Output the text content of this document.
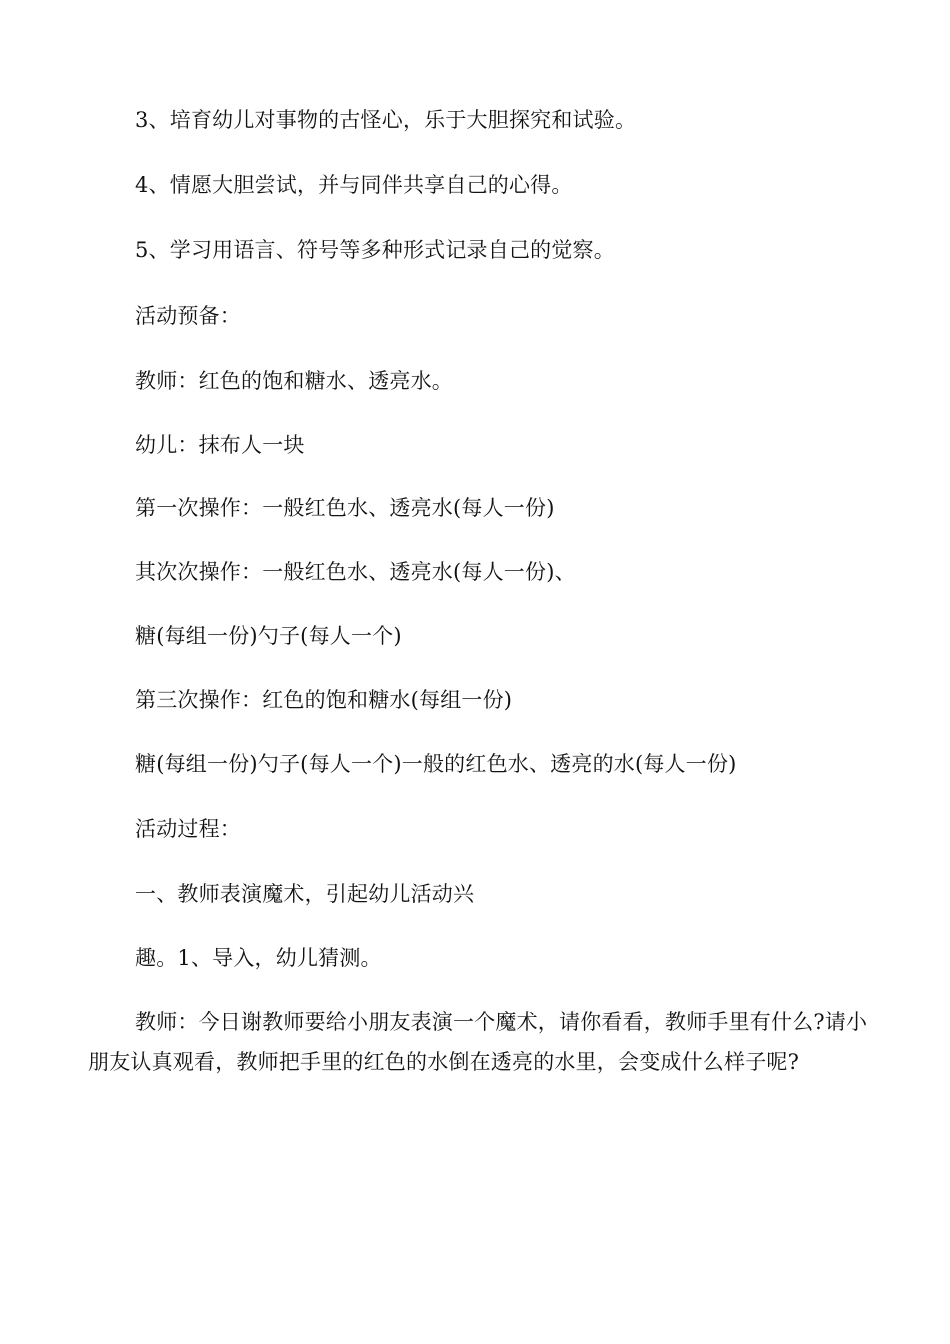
3、培育幼儿对事物的古怪心，乐于大胆探究和试验。
4、情愿大胆尝试，并与同伴共享自己的心得。
5、学习用语言、符号等多种形式记录自己的觉察。
活动预备：
教师：红色的饱和糖水、透亮水。
幼儿：抹布人一块
第一次操作：一般红色水、透亮水(每人一份)
其次次操作：一般红色水、透亮水(每人一份)、
糖(每组一份)勺子(每人一个)
第三次操作：红色的饱和糖水(每组一份)
糖(每组一份)勺子(每人一个)一般的红色水、透亮的水(每人一份)
活动过程：
一、教师表演魔术，引起幼儿活动兴
趣。1、导入，幼儿猜测。
教师：今日谢教师要给小朋友表演一个魔术，请你看看，教师手里有什么?请小朋友认真观看，教师把手里的红色的水倒在透亮的水里，会变成什么样子呢?
